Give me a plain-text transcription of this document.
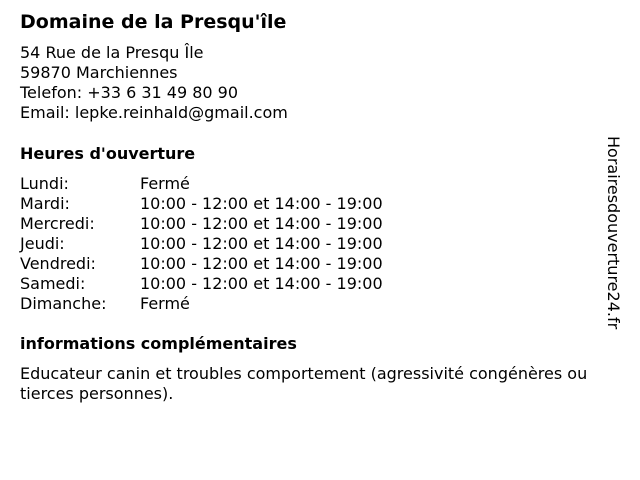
Domaine de la Presqu'île
54 Rue de la Presqu Île
59870 Marchiennes
Telefon: +33 6 31 49 80 90
Email: lepke.reinhald@gmail.com
Heures d'ouverture
Lundi:	Fermé
Mardi:	10:00 - 12:00 et 14:00 - 19:00
Mercredi:	10:00 - 12:00 et 14:00 - 19:00
Jeudi:	10:00 - 12:00 et 14:00 - 19:00
Vendredi:	10:00 - 12:00 et 14:00 - 19:00
Samedi:	10:00 - 12:00 et 14:00 - 19:00
Dimanche: Fermé
informations complémentaires
Educateur canin et troubles comportement (agressivité congénères ou tierces personnes).
Horairesdouverture24.fr
